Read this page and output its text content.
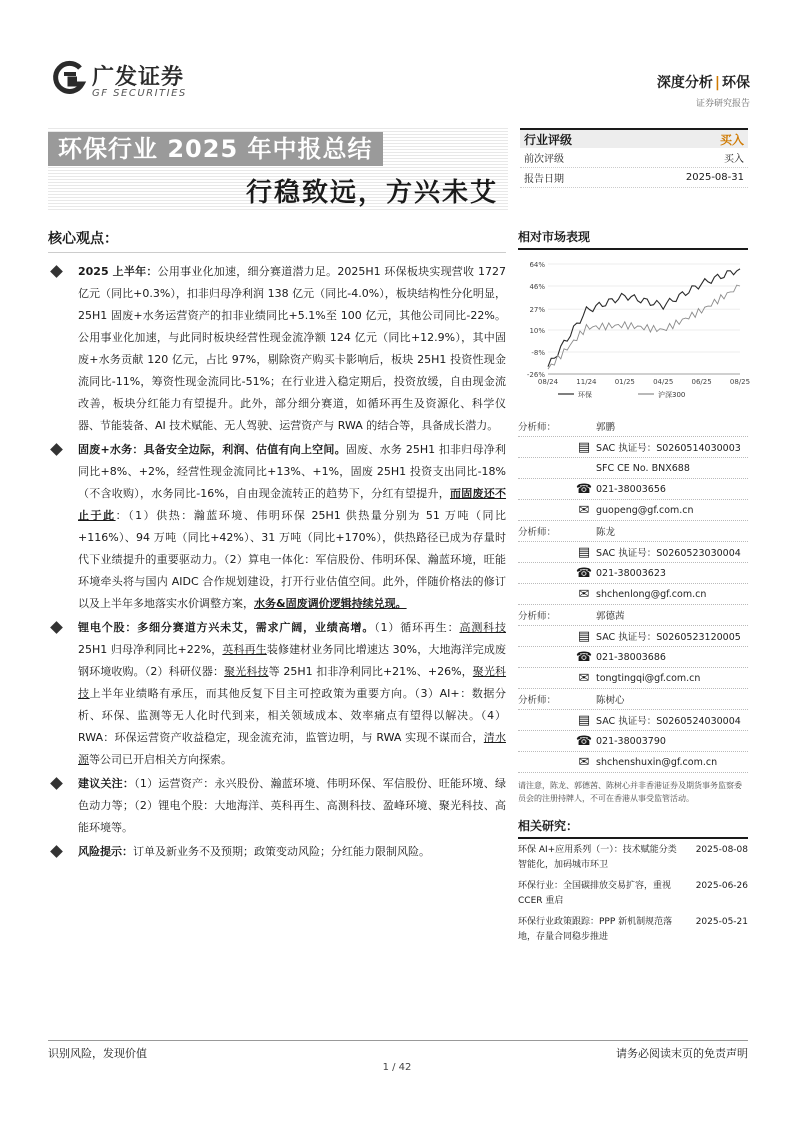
广发证券
GF SECURITIES
深度分析 | 环保
证券研究报告
环保行业 2025 年中报总结
行稳致远，方兴未艾
行业评级	买入
前次评级	买入
报告日期	2025-08-31
核心观点：
2025 上半年：公用事业化加速，细分赛道潜力足。2025H1 环保板块实现营收 1727 亿元（同比+0.3%），扣非归母净利润 138 亿元（同比-4.0%），板块结构性分化明显，25H1 固废+水务运营资产的扣非业绩同比+5.1%至 100 亿元，其他公司同比-22%。公用事业化加速，与此同时板块经营性现金流净额 124 亿元（同比+12.9%），其中固废+水务贡献 120 亿元，占比 97%，剔除资产购买卡影响后，板块 25H1 投资性现金流同比-11%，筹资性现金流同比-51%；在行业进入稳定期后，投资放缓，自由现金流改善，板块分红能力有望提升。此外，部分细分赛道，如循环再生及资源化、科学仪器、节能装备、AI 技术赋能、无人驾驶、运营资产与 RWA 的结合等，具备成长潜力。
固废+水务：具备安全边际，利润、估值有向上空间。固废、水务 25H1 扣非归母净利同比+8%、+2%，经营性现金流同比+13%、+1%，固废 25H1 投资支出同比-18%（不含收购），水务同比-16%，自由现金流转正的趋势下，分红有望提升，而固废还不止于此：（1）供热：瀚蓝环境、伟明环保 25H1 供热量分别为 51 万吨（同比+116%）、94 万吨（同比+42%）、31 万吨（同比+170%），供热路径已成为存量时代下业绩提升的重要驱动力。（2）算电一体化：军信股份、伟明环保、瀚蓝环境，旺能环境牵头将与国内 AIDC 合作规划建设，打开行业估值空间。此外，伴随价格法的修订以及上半年多地落实水价调整方案，水务&固废调价逻辑持续兑现。
锂电个股：多细分赛道方兴未艾，需求广阔，业绩高增。（1）循环再生：高测科技 25H1 归母净利同比+22%，英科再生装修建材业务同比增速达 30%，大地海洋完成废钢环境收购。（2）科研仪器：聚光科技等 25H1 扣非净利同比+21%、+26%，聚光科技上半年业绩略有承压，而其他反复下目主可控政策为重要方向。（3）AI+：数据分析、环保、监测等无人化时代到来，相关领域成本、效率痛点有望得以解决。（4）RWA：环保运营资产收益稳定，现金流充沛，监管边明，与 RWA 实现不谋而合，清水源等公司已开启相关方向探索。
建议关注：（1）运营资产：永兴股份、瀚蓝环境、伟明环保、军信股份、旺能环境、绿色动力等；（2）锂电个股：大地海洋、英科再生、高测科技、盈峰环境、聚光科技、高能环境等。
风险提示：订单及新业务不及预期；政策变动风险；分红能力限制风险。
相对市场表现
64%
46%
27%
10%
-8%
-26%
08/24	11/24	01/25	04/25	06/25	08/25
环保	沪深300
分析师：	郭鹏
▤ SAC 执证号：S0260514030003
SFC CE No. BNX688
☎ 021-38003656
✉ guopeng@gf.com.cn
分析师：	陈龙
▤ SAC 执证号：S0260523030004
☎ 021-38003623
✉ shchenlong@gf.com.cn
分析师：	郭德茜
▤ SAC 执证号：S0260523120005
☎ 021-38003686
✉ tongtingqi@gf.com.cn
分析师：	陈树心
▤ SAC 执证号：S0260524030004
☎ 021-38003790
✉ shchenshuxin@gf.com.cn
请注意，陈龙、郭德茜、陈树心并非香港证券及期货事务监察委员会的注册持牌人，不可在香港从事受监管活动。
相关研究：
环保 AI+应用系列（一）：技术赋能分类智能化，加码城市环卫
2025-08-08
环保行业：全国碳排放交易扩容，重视 CCER 重启
2025-06-26
环保行业政策跟踪：PPP 新机制规范落地，存量合同稳步推进
2025-05-21
识别风险，发现价值	请务必阅读末页的免责声明
1 / 42
